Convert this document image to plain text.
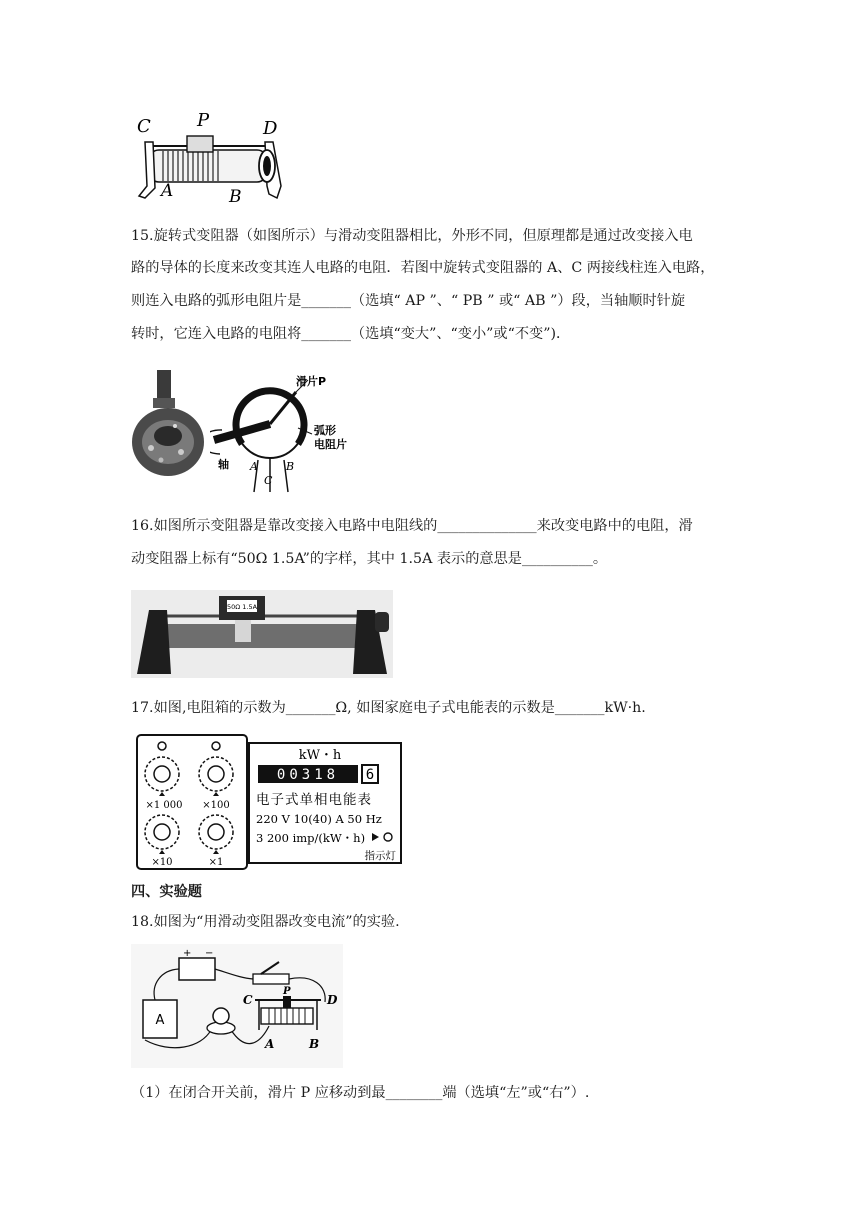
C	P	D
A	B
15.旋转式变阻器（如图所示）与滑动变阻器相比，外形不同，但原理都是通过改变接入电
路的导体的长度来改变其连人电路的电阻．若图中旋转式变阻器的 A、C 两接线柱连入电路，
则连入电路的弧形电阻片是_______（选填“ AP ”、“ PB ” 或“ AB ”）段，当轴顺时针旋
转时，它连入电路的电阻将_______（选填“变大”、“变小”或“不变”)．
滑片P
弧形
电阻片
轴 A	B
C
16.如图所示变阻器是靠改变接入电路中电阻线的______________来改变电路中的电阻，滑
动变阻器上标有“50Ω 1.5A”的字样，其中 1.5A 表示的意思是__________。
50Ω 1.5A
17.如图,电阻箱的示数为_______Ω, 如图家庭电子式电能表的示数是_______kW·h.
×1 000 ×100
×10	×1
kW・h
00318 6
电子式单相电能表
220 V 10(40) A 50 Hz
3 200 imp/(kW・h)
指示灯
四、实验题
18.如图为“用滑动变阻器改变电流”的实验.
+ −
A
C
P
D
A	B
（1）在闭合开关前，滑片 P 应移动到最________端（选填“左”或“右”）.
